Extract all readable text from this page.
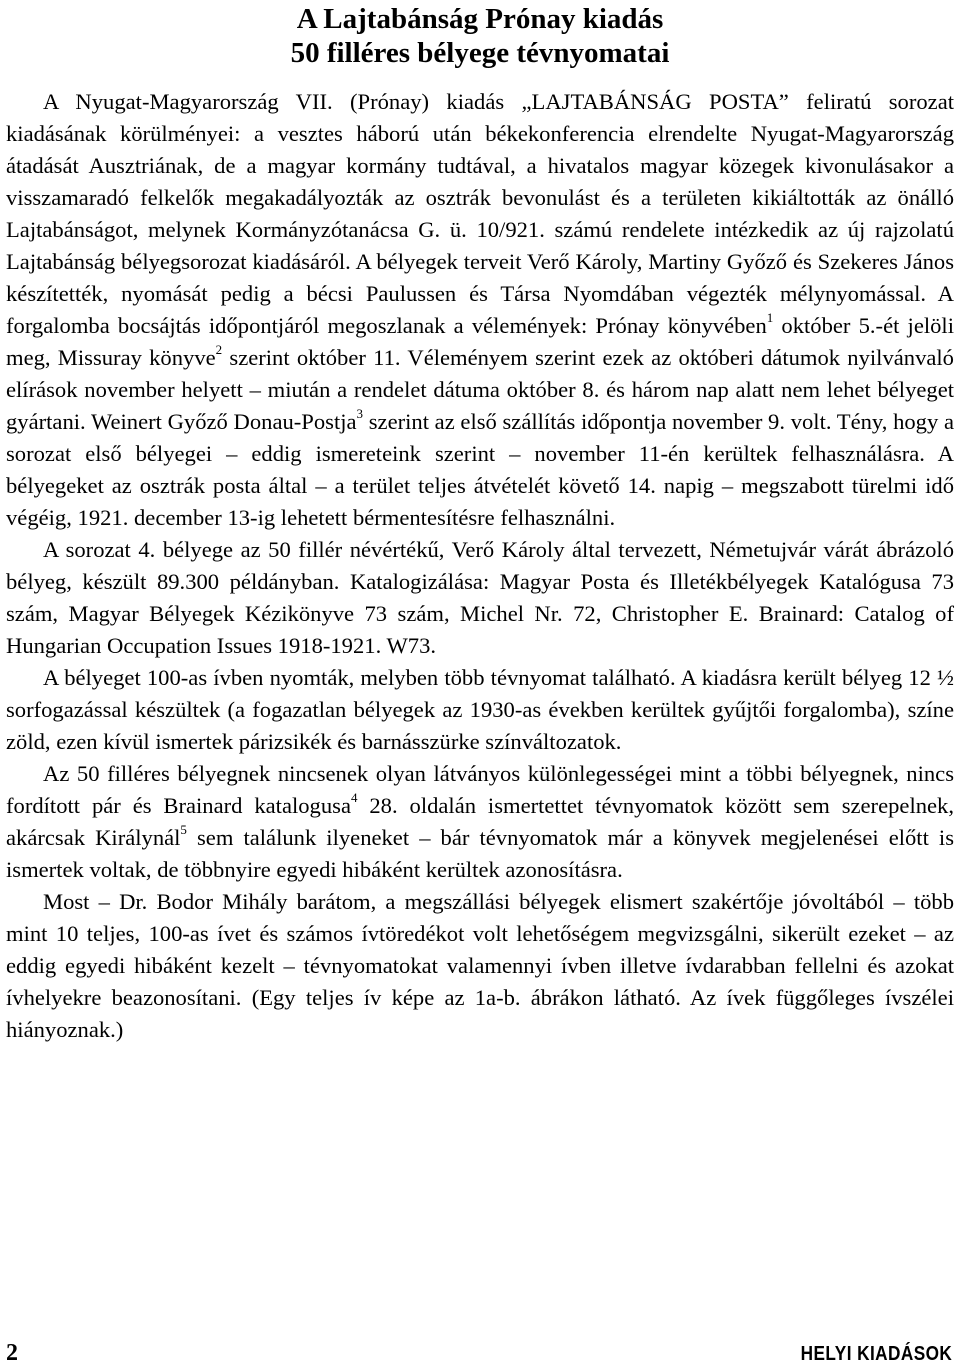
A Lajtabánság Prónay kiadás
50 filléres bélyege tévnyomatai

A Nyugat-Magyarország VII. (Prónay) kiadás „LAJTABÁNSÁG POSTA” feliratú sorozat kiadásának körülményei: a vesztes háború után békekonferencia elrendelte Nyugat-Magyarország átadását Ausztriának, de a magyar kormány tudtával, a hivatalos magyar közegek kivonulásakor a visszamaradó felkelők megakadályozták az osztrák bevonulást és a területen kikiáltották az önálló Lajtabánságot, melynek Kormányzótanácsa G. ü. 10/921. számú rendelete intézkedik az új rajzolatú Lajtabánság bélyegsorozat kiadásáról. A bélyegek terveit Verő Károly, Martiny Győző és Szekeres János készítették, nyomását pedig a bécsi Paulussen és Társa Nyomdában végezték mélynyomással. A forgalomba bocsájtás időpontjáról megoszlanak a vélemények: Prónay könyvében$^1$ október 5.-ét jelöli meg, Missuray könyve$^2$ szerint október 11. Véleményem szerint ezek az októberi dátumok nyilvánvaló elírások november helyett – miután a rendelet dátuma október 8. és három nap alatt nem lehet bélyeget gyártani. Weinert Győző Donau-Postja$^3$ szerint az első szállítás időpontja november 9. volt. Tény, hogy a sorozat első bélyegei – eddig ismereteink szerint – november 11-én kerültek felhasználásra. A bélyegeket az osztrák posta által – a terület teljes átvételét követő 14. napig – megszabott türelmi idő végéig, 1921. december 13-ig lehetett bérmentesítésre felhasználni.

A sorozat 4. bélyege az 50 fillér névértékű, Verő Károly által tervezett, Németujvár várát ábrázoló bélyeg, készült 89.300 példányban. Katalogizálása: Magyar Posta és Illetékbélyegek Katalógusa 73 szám, Magyar Bélyegek Kézikönyve 73 szám, Michel Nr. 72, Christopher E. Brainard: Catalog of Hungarian Occupation Issues 1918-1921. W73.

A bélyeget 100-as ívben nyomták, melyben több tévnyomat található. A kiadásra került bélyeg 12 ½ sorfogazással készültek (a fogazatlan bélyegek az 1930-as években kerültek gyűjtői forgalomba), színe zöld, ezen kívül ismertek párizsikék és barnásszürke színváltozatok.

Az 50 filléres bélyegnek nincsenek olyan látványos különlegességei mint a többi bélyegnek, nincs fordított pár és Brainard katalogusa$^4$ 28. oldalán ismertettet tévnyomatok között sem szerepelnek, akárcsak Királynál$^5$ sem találunk ilyeneket – bár tévnyomatok már a könyvek megjelenései előtt is ismertek voltak, de többnyire egyedi hibáként kerültek azonosításra.

Most – Dr. Bodor Mihály barátom, a megszállási bélyegek elismert szakértője jóvoltából – több mint 10 teljes, 100-as ívet és számos ívtöredékot volt lehetőségem megvizsgálni, sikerült ezeket – az eddig egyedi hibáként kezelt – tévnyomatokat valamennyi ívben illetve ívdarabban fellelni és azokat ívhelyekre beazonosítani. (Egy teljes ív képe az 1a-b. ábrákon látható. Az ívek függőleges ívszélei hiányoznak.)

2	HELYI KIADÁSOK
